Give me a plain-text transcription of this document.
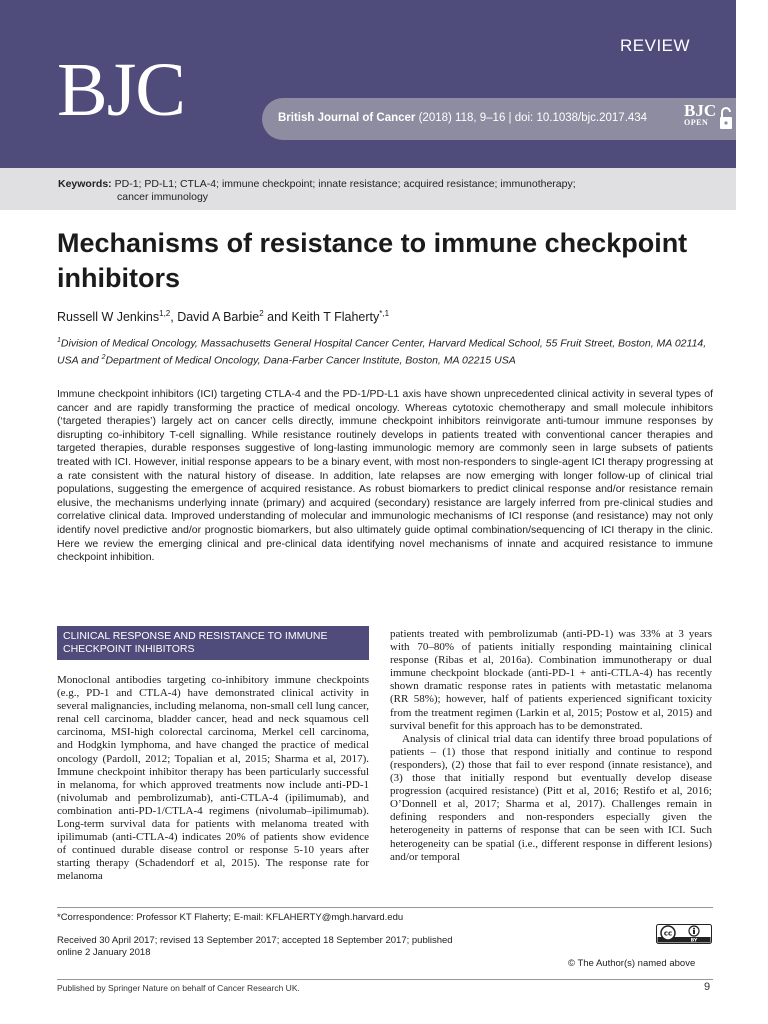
BJC
REVIEW
British Journal of Cancer (2018) 118, 9–16 | doi: 10.1038/bjc.2017.434 BJC
OPEN
Keywords: PD-1; PD-L1; CTLA-4; immune checkpoint; innate resistance; acquired resistance; immunotherapy;
cancer immunology
Mechanisms of resistance to immune checkpoint inhibitors
Russell W Jenkins$^{1,2}$, David A Barbie$^2$ and Keith T Flaherty$^{*,1}$
$^1$Division of Medical Oncology, Massachusetts General Hospital Cancer Center, Harvard Medical School, 55 Fruit Street, Boston, MA 02114, USA and $^2$Department of Medical Oncology, Dana-Farber Cancer Institute, Boston, MA 02215 USA
Immune checkpoint inhibitors (ICI) targeting CTLA-4 and the PD-1/PD-L1 axis have shown unprecedented clinical activity in several types of cancer and are rapidly transforming the practice of medical oncology. Whereas cytotoxic chemotherapy and small molecule inhibitors (‘targeted therapies’) largely act on cancer cells directly, immune checkpoint inhibitors reinvigorate anti-tumour immune responses by disrupting co-inhibitory T-cell signalling. While resistance routinely develops in patients treated with conventional cancer therapies and targeted therapies, durable responses suggestive of long-lasting immunologic memory are commonly seen in large subsets of patients treated with ICI. However, initial response appears to be a binary event, with most non-responders to single-agent ICI therapy progressing at a rate consistent with the natural history of disease. In addition, late relapses are now emerging with longer follow-up of clinical trial populations, suggesting the emergence of acquired resistance. As robust biomarkers to predict clinical response and/or resistance remain elusive, the mechanisms underlying innate (primary) and acquired (secondary) resistance are largely inferred from pre-clinical studies and correlative clinical data. Improved understanding of molecular and immunologic mechanisms of ICI response (and resistance) may not only identify novel predictive and/or prognostic biomarkers, but also ultimately guide optimal combination/sequencing of ICI therapy in the clinic. Here we review the emerging clinical and pre-clinical data identifying novel mechanisms of innate and acquired resistance to immune checkpoint inhibition.
CLINICAL RESPONSE AND RESISTANCE TO IMMUNE CHECKPOINT INHIBITORS

Monoclonal antibodies targeting co-inhibitory immune checkpoints (e.g., PD-1 and CTLA-4) have demonstrated clinical activity in several malignancies, including melanoma, non-small cell lung cancer, renal cell carcinoma, bladder cancer, head and neck squamous cell carcinoma, MSI-high colorectal carcinoma, Merkel cell carcinoma, and Hodgkin lymphoma, and have changed the practice of medical oncology (Pardoll, 2012; Topalian et al, 2015; Sharma et al, 2017). Immune checkpoint inhibitor therapy has been particularly successful in melanoma, for which approved treatments now include anti-PD-1 (nivolumab and pembrolizumab), anti-CTLA-4 (ipilimumab), and combination anti-PD-1/CTLA-4 regimens (nivolumab–ipilimumab). Long-term survival data for patients with melanoma treated with ipilimumab (anti-CTLA-4) indicates 20% of patients show evidence of continued durable disease control or response 5-10 years after starting therapy (Schadendorf et al, 2015). The response rate for melanoma

patients treated with pembrolizumab (anti-PD-1) was 33% at 3 years with 70–80% of patients initially responding maintaining clinical response (Ribas et al, 2016a). Combination immunotherapy or dual immune checkpoint blockade (anti-PD-1 + anti-CTLA-4) has recently shown dramatic response rates in patients with metastatic melanoma (RR 58%); however, half of patients experienced significant toxicity from the treatment regimen (Larkin et al, 2015; Postow et al, 2015) and survival benefit for this approach has to be demonstrated.

Analysis of clinical trial data can identify three broad populations of patients – (1) those that respond initially and continue to respond (responders), (2) those that fail to ever respond (innate resistance), and (3) those that initially respond but eventually develop disease progression (acquired resistance) (Pitt et al, 2016; Restifo et al, 2016; O’Donnell et al, 2017; Sharma et al, 2017). Challenges remain in defining responders and non-responders especially given the heterogeneity in patterns of response that can be seen with ICI. Such heterogeneity can be spatial (i.e., different response in different lesions) and/or temporal

*Correspondence: Professor KT Flaherty; E-mail: KFLAHERTY@mgh.harvard.edu
Received 30 April 2017; revised 13 September 2017; accepted 18 September 2017; published online 2 January 2018
cc
BY
© The Author(s) named above
Published by Springer Nature on behalf of Cancer Research UK.	9
